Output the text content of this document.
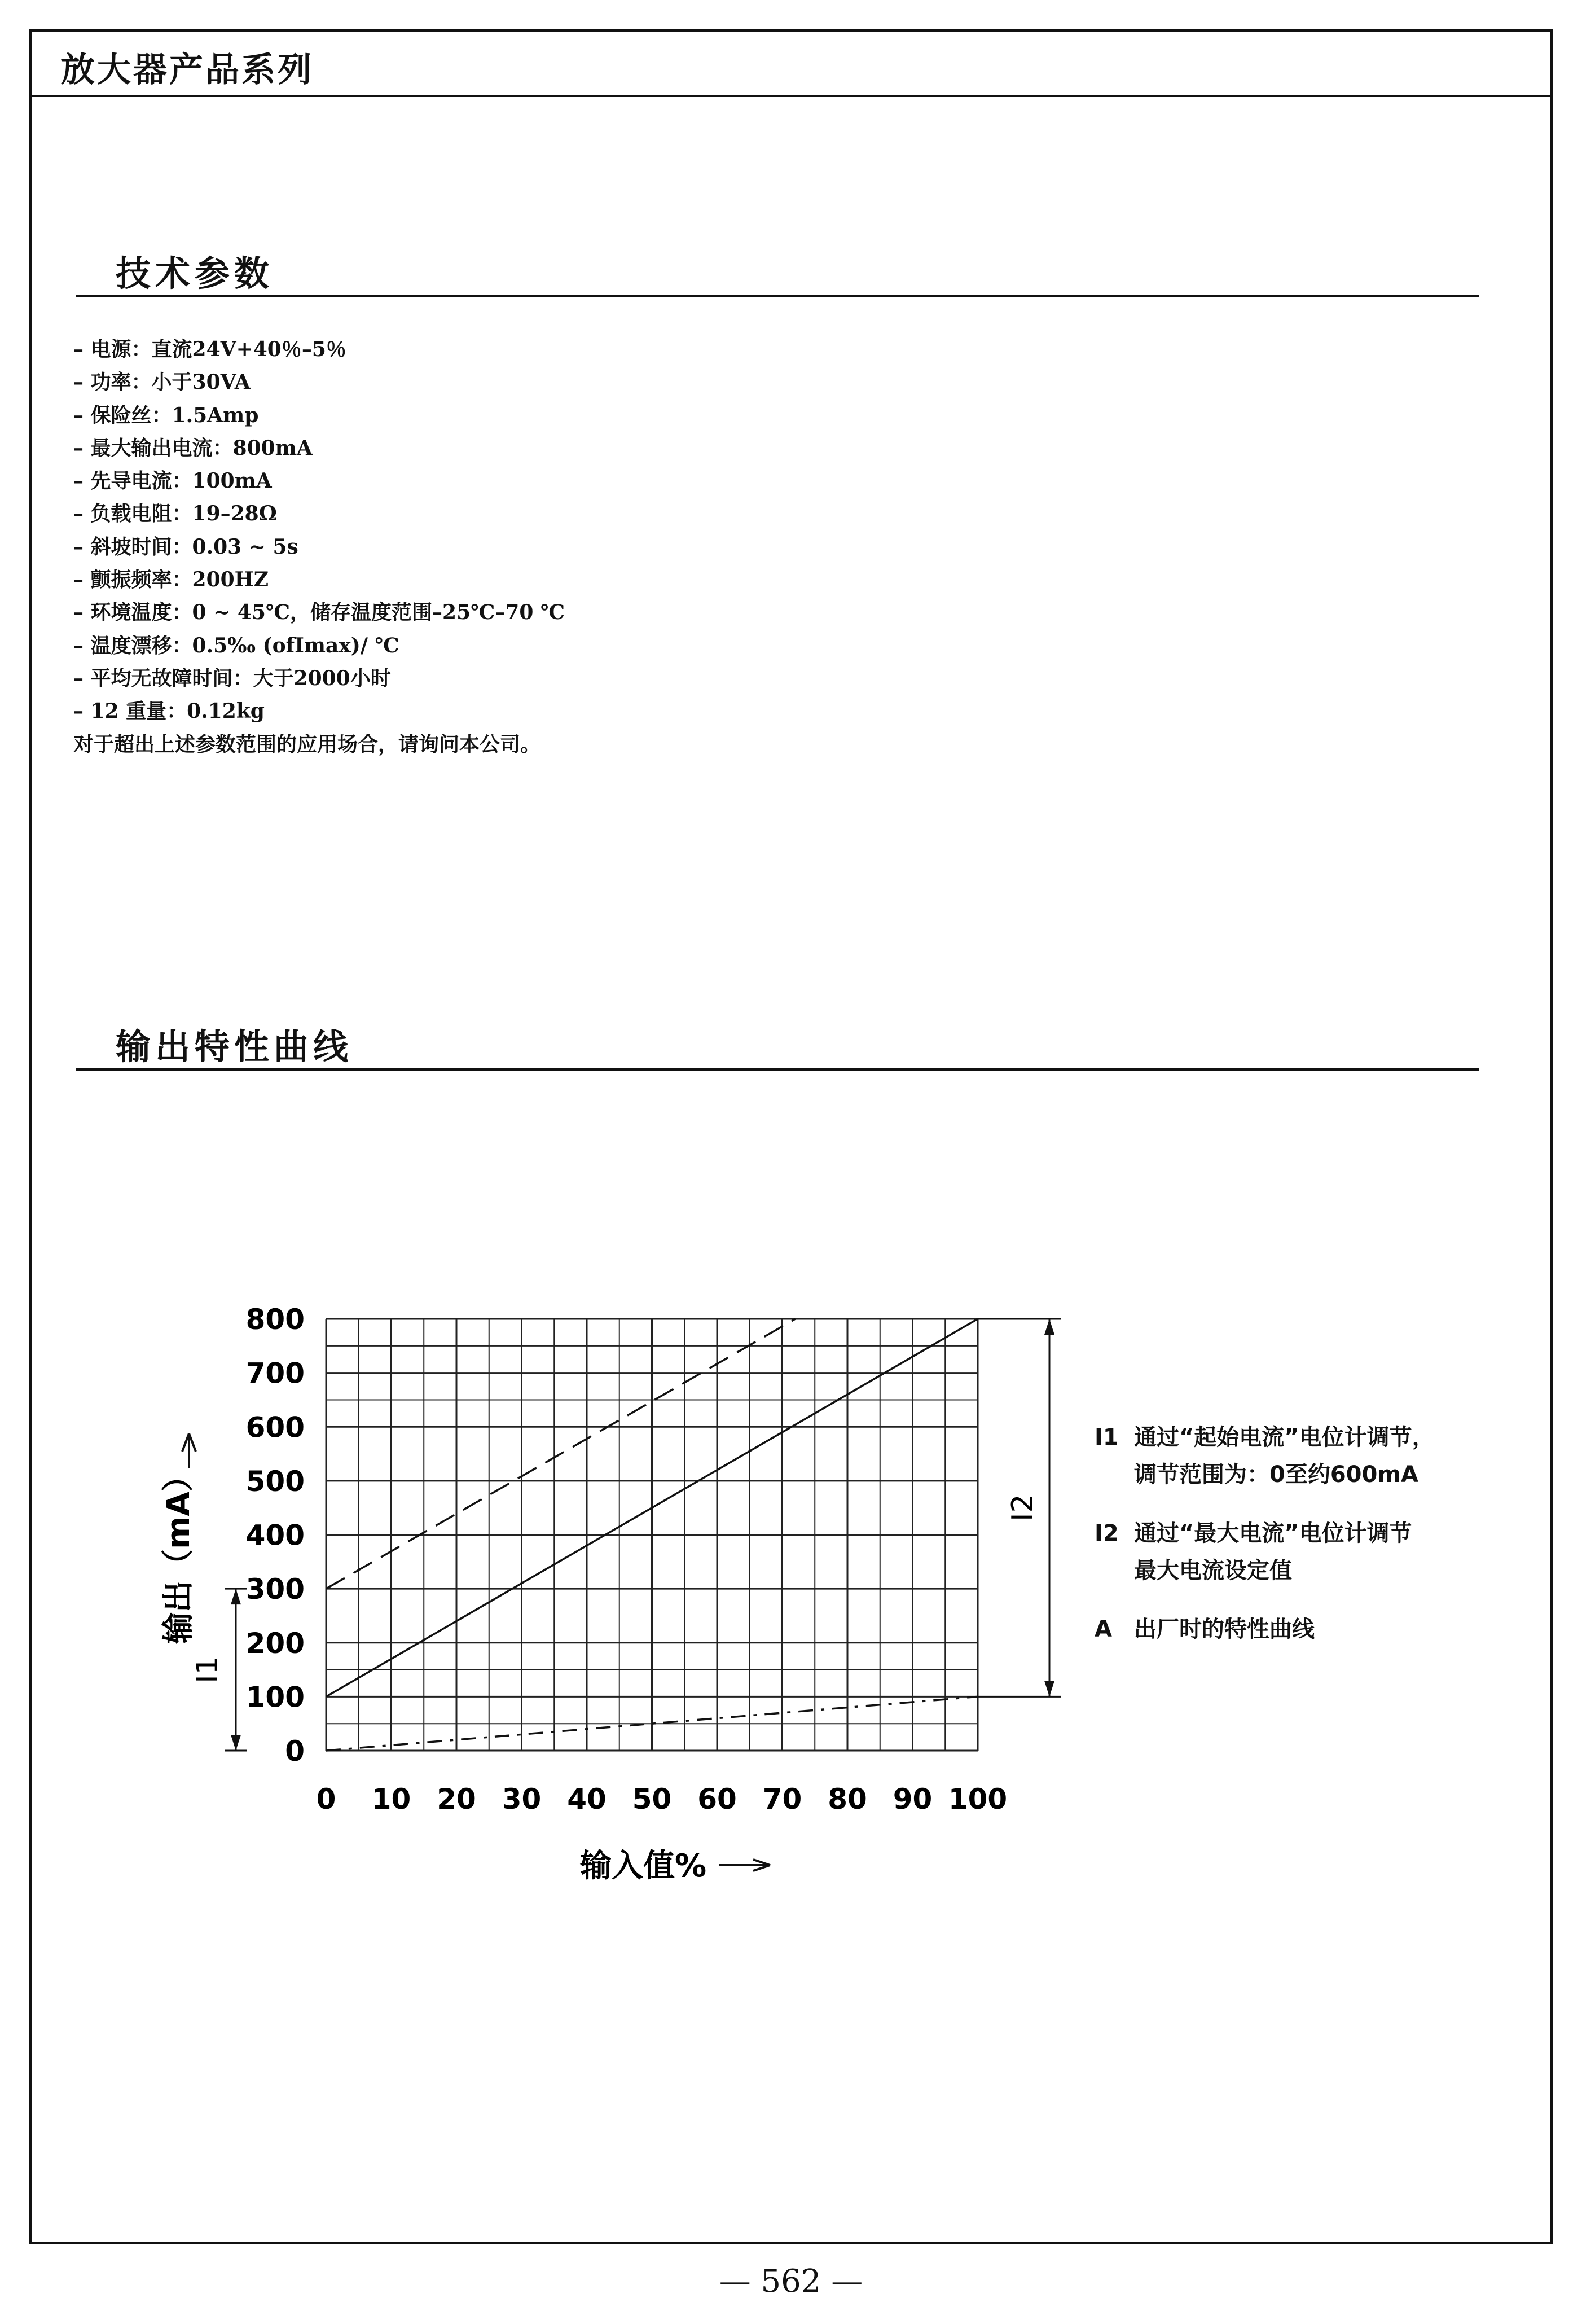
放大器产品系列
技术参数
– 电源：直流24V+40％–5％
– 功率：小于30VA
– 保险丝：1.5Amp
– 最大输出电流：800mA
– 先导电流：100mA
– 负载电阻：19–28Ω
– 斜坡时间：0.03 ~ 5s
– 颤振频率：200HZ
– 环境温度：0 ~ 45℃，储存温度范围–25℃–70 ℃
– 温度漂移：0.5‰ (ofImax)/ ℃
– 平均无故障时间：大于2000小时
– 12 重量：0.12kg
对于超出上述参数范围的应用场合，请询问本公司。
输出特性曲线
0 10 20 30 40 50 60 70 80 90 100
0
100
200
300
400
500
600
700
800
I1
I2
输出（mA）
输入值%
I1 通过“起始电流”电位计调节，
调节范围为：0至约600mA
I2 通过“最大电流”电位计调节
最大电流设定值
A 出厂时的特性曲线
— 562 —
